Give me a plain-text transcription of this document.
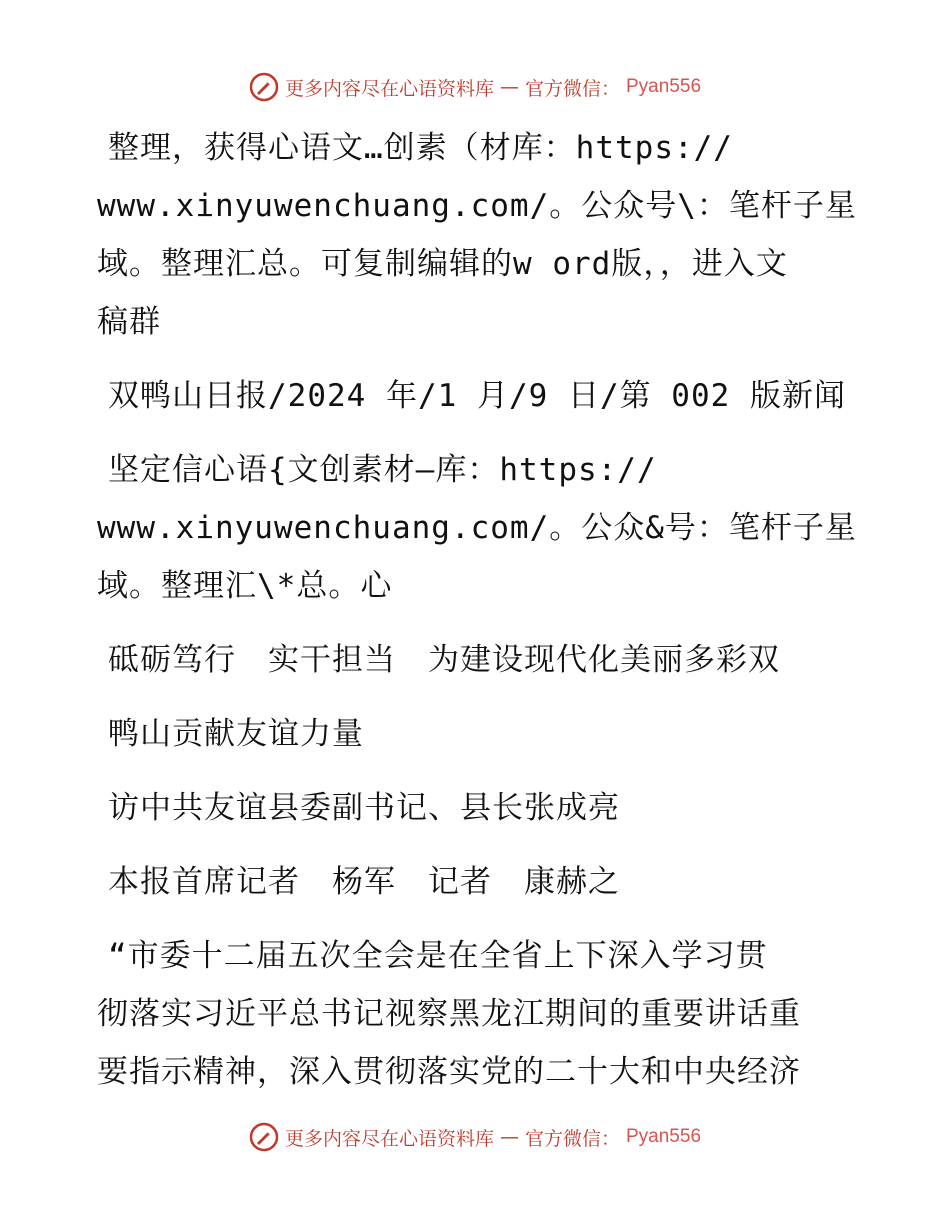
更多内容尽在心语资料库 — 官方微信： Pyan556
整理，获得心语文…创素（材库：https://
www.xinyuwenchuang.com/。公众号\：笔杆子星
域。整理汇总。可复制编辑的w ord版，，进入文
稿群
双鸭山日报/2024 年/1 月/9 日/第 002 版新闻
坚定信心语{文创素材—库：https://
www.xinyuwenchuang.com/。公众&号：笔杆子星
域。整理汇\*总。心
砥砺笃行　实干担当　为建设现代化美丽多彩双
鸭山贡献友谊力量
访中共友谊县委副书记、县长张成亮
本报首席记者　杨军　记者　康赫之
“市委十二届五次全会是在全省上下深入学习贯
彻落实习近平总书记视察黑龙江期间的重要讲话重
要指示精神，深入贯彻落实党的二十大和中央经济
更多内容尽在心语资料库 — 官方微信： Pyan556
